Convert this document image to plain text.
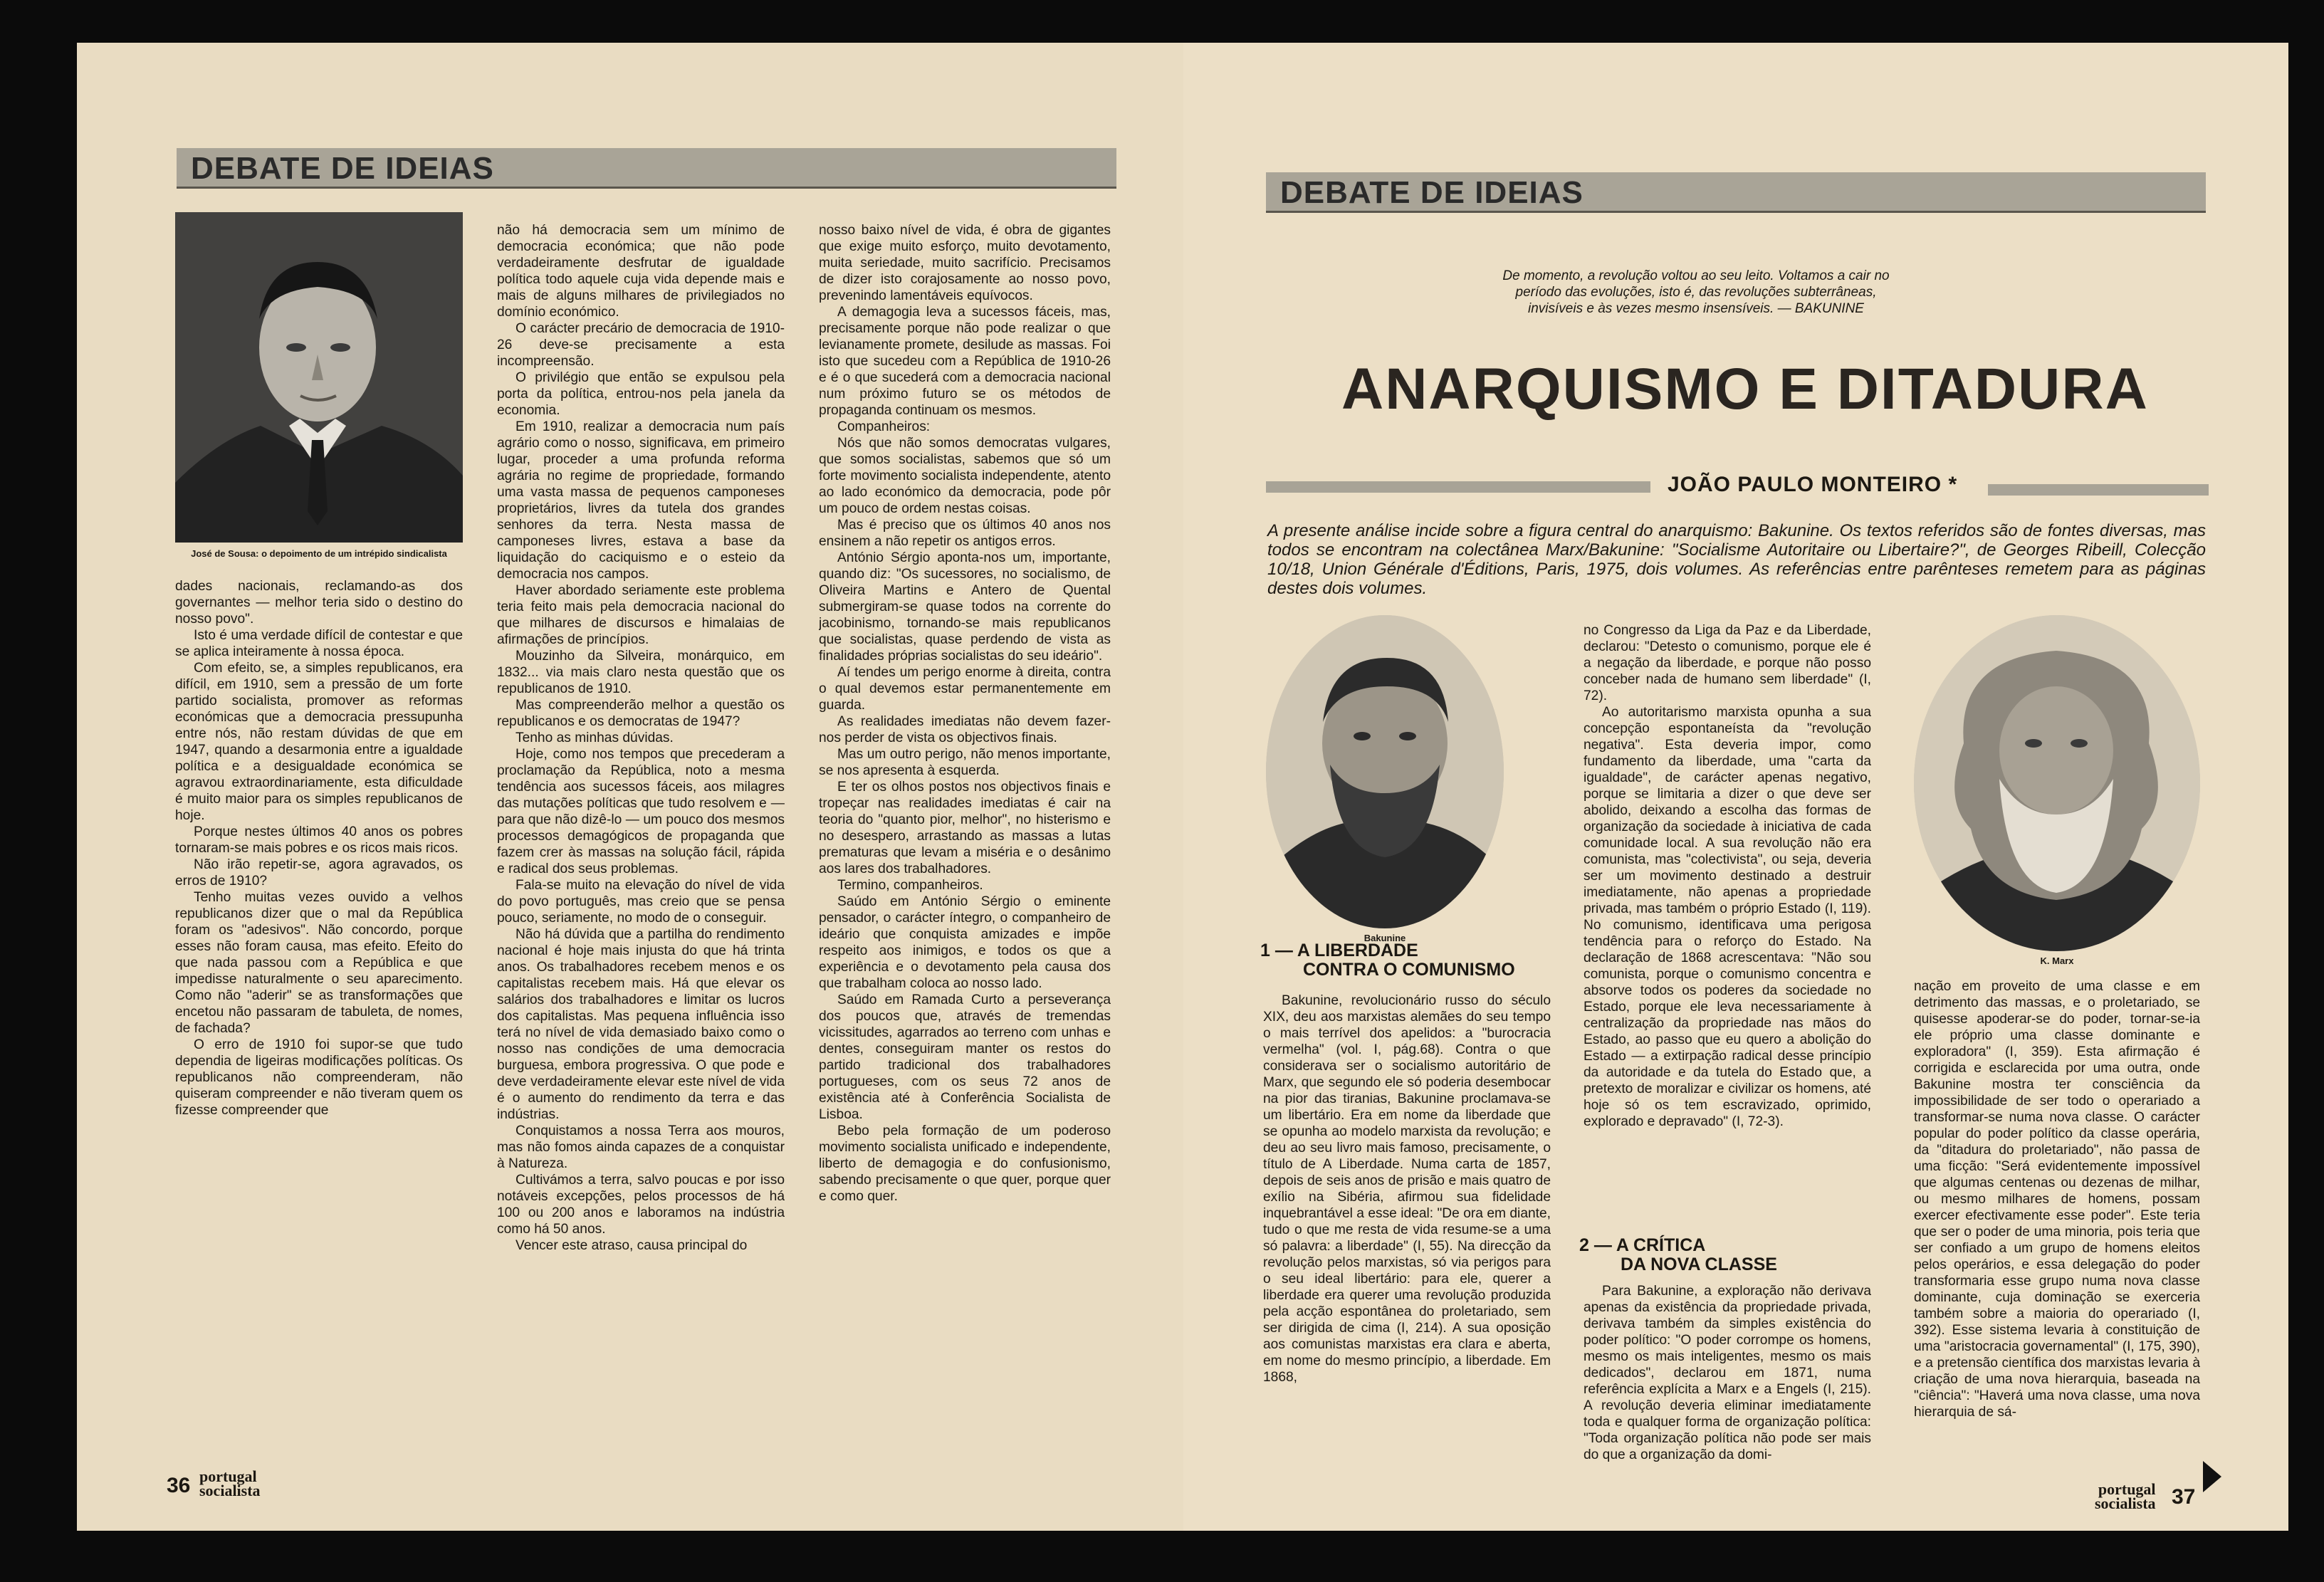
DEBATE DE IDEIAS
José de Sousa: o depoimento de um intrépido sindicalista

dades nacionais, reclamando-as dos governantes — melhor teria sido o destino do nosso povo".

Isto é uma verdade difícil de contestar e que se aplica inteiramente à nossa época.

Com efeito, se, a simples republicanos, era difícil, em 1910, sem a pressão de um forte partido socialista, promover as reformas económicas que a democracia pressupunha entre nós, não restam dúvidas de que em 1947, quando a desarmonia entre a igualdade política e a desigualdade económica se agravou extraordinariamente, esta dificuldade é muito maior para os simples republicanos de hoje.

Porque nestes últimos 40 anos os pobres tornaram-se mais pobres e os ricos mais ricos.

Não irão repetir-se, agora agravados, os erros de 1910?

Tenho muitas vezes ouvido a velhos republicanos dizer que o mal da República foram os "adesivos". Não concordo, porque esses não foram causa, mas efeito. Efeito do que nada passou com a República e que impedisse naturalmente o seu aparecimento. Como não "aderir" se as transformações que encetou não passaram de tabuleta, de nomes, de fachada?

O erro de 1910 foi supor-se que tudo dependia de ligeiras modificações políticas. Os republicanos não compreenderam, não quiseram compreender e não tiveram quem os fizesse compreender que

não há democracia sem um mínimo de democracia económica; que não pode verdadeiramente desfrutar de igualdade política todo aquele cuja vida depende mais e mais de alguns milhares de privilegiados no domínio económico.

O carácter precário de democracia de 1910-26 deve-se precisamente a esta incompreensão.

O privilégio que então se expulsou pela porta da política, entrou-nos pela janela da economia.

Em 1910, realizar a democracia num país agrário como o nosso, significava, em primeiro lugar, proceder a uma profunda reforma agrária no regime de propriedade, formando uma vasta massa de pequenos camponeses proprietários, livres da tutela dos grandes senhores da terra. Nesta massa de camponeses livres, estava a base da liquidação do caciquismo e o esteio da democracia nos campos.

Haver abordado seriamente este problema teria feito mais pela democracia nacional do que milhares de discursos e himalaias de afirmações de princípios.

Mouzinho da Silveira, monárquico, em 1832... via mais claro nesta questão que os republicanos de 1910.

Mas compreenderão melhor a questão os republicanos e os democratas de 1947?

Tenho as minhas dúvidas.

Hoje, como nos tempos que precederam a proclamação da República, noto a mesma tendência aos sucessos fáceis, aos milagres das mutações políticas que tudo resolvem e — para que não dizê-lo — um pouco dos mesmos processos demagógicos de propaganda que fazem crer às massas na solução fácil, rápida e radical dos seus problemas.

Fala-se muito na elevação do nível de vida do povo português, mas creio que se pensa pouco, seriamente, no modo de o conseguir.

Não há dúvida que a partilha do rendimento nacional é hoje mais injusta do que há trinta anos. Os trabalhadores recebem menos e os capitalistas recebem mais. Há que elevar os salários dos trabalhadores e limitar os lucros dos capitalistas. Mas pequena influência isso terá no nível de vida demasiado baixo como o nosso nas condições de uma democracia burguesa, embora progressiva. O que pode e deve verdadeiramente elevar este nível de vida é o aumento do rendimento da terra e das indústrias.

Conquistamos a nossa Terra aos mouros, mas não fomos ainda capazes de a conquistar à Natureza.

Cultivámos a terra, salvo poucas e por isso notáveis excepções, pelos processos de há 100 ou 200 anos e laboramos na indústria como há 50 anos.

Vencer este atraso, causa principal do

nosso baixo nível de vida, é obra de gigantes que exige muito esforço, muito devotamento, muita seriedade, muito sacrifício. Precisamos de dizer isto corajosamente ao nosso povo, prevenindo lamentáveis equívocos.

A demagogia leva a sucessos fáceis, mas, precisamente porque não pode realizar o que levianamente promete, desilude as massas. Foi isto que sucedeu com a República de 1910-26 e é o que sucederá com a democracia nacional num próximo futuro se os métodos de propaganda continuam os mesmos.

Companheiros:

Nós que não somos democratas vulgares, que somos socialistas, sabemos que só um forte movimento socialista independente, atento ao lado económico da democracia, pode pôr um pouco de ordem nestas coisas.

Mas é preciso que os últimos 40 anos nos ensinem a não repetir os antigos erros.

António Sérgio aponta-nos um, importante, quando diz: "Os sucessores, no socialismo, de Oliveira Martins e Antero de Quental submergiram-se quase todos na corrente do jacobinismo, tornando-se mais republicanos que socialistas, quase perdendo de vista as finalidades próprias socialistas do seu ideário".

Aí tendes um perigo enorme à direita, contra o qual devemos estar permanentemente em guarda.

As realidades imediatas não devem fazer-nos perder de vista os objectivos finais.

Mas um outro perigo, não menos importante, se nos apresenta à esquerda.

E ter os olhos postos nos objectivos finais e tropeçar nas realidades imediatas é cair na teoria do "quanto pior, melhor", no histerismo e no desespero, arrastando as massas a lutas prematuras que levam a miséria e o desânimo aos lares dos trabalhadores.

Termino, companheiros.

Saúdo em António Sérgio o eminente pensador, o carácter íntegro, o companheiro de ideário que conquista amizades e impõe respeito aos inimigos, e todos os que a experiência e o devotamento pela causa dos que trabalham coloca ao nosso lado.

Saúdo em Ramada Curto a perseverança dos poucos que, através de tremendas vicissitudes, agarrados ao terreno com unhas e dentes, conseguiram manter os restos do partido tradicional dos trabalhadores portugueses, com os seus 72 anos de existência até à Conferência Socialista de Lisboa.

Bebo pela formação de um poderoso movimento socialista unificado e independente, liberto de demagogia e do confusionismo, sabendo precisamente o que quer, porque quer e como quer.

36 portugal
socialista
DEBATE DE IDEIAS
De momento, a revolução voltou ao seu leito. Voltamos a cair no período das evoluções, isto é, das revoluções subterrâneas, invisíveis e às vezes mesmo insensíveis. — BAKUNINE
ANARQUISMO E DITADURA
JOÃO PAULO MONTEIRO *
A presente análise incide sobre a figura central do anarquismo: Bakunine. Os textos referidos são de fontes diversas, mas todos se encontram na colectânea Marx/Bakunine: "Socialisme Autoritaire ou Libertaire?", de Georges Ribeill, Colecção 10/18, Union Générale d'Éditions, Paris, 1975, dois volumes. As referências entre parênteses remetem para as páginas destes dois volumes.
Bakunine
K. Marx
1 — A LIBERDADE
CONTRA O COMUNISMO

Bakunine, revolucionário russo do século XIX, deu aos marxistas alemães do seu tempo o mais terrível dos apelidos: a "burocracia vermelha" (vol. I, pág.68). Contra o que considerava ser o socialismo autoritário de Marx, que segundo ele só poderia desembocar na pior das tiranias, Bakunine proclamava-se um libertário. Era em nome da liberdade que se opunha ao modelo marxista da revolução; e deu ao seu livro mais famoso, precisamente, o título de A Liberdade. Numa carta de 1857, depois de seis anos de prisão e mais quatro de exílio na Sibéria, afirmou sua fidelidade inquebrantável a esse ideal: "De ora em diante, tudo o que me resta de vida resume-se a uma só palavra: a liberdade" (I, 55). Na direcção da revolução pelos marxistas, só via perigos para o seu ideal libertário: para ele, querer a liberdade era querer uma revolução produzida pela acção espontânea do proletariado, sem ser dirigida de cima (I, 214). A sua oposição aos comunistas marxistas era clara e aberta, em nome do mesmo princípio, a liberdade. Em 1868,

no Congresso da Liga da Paz e da Liberdade, declarou: "Detesto o comunismo, porque ele é a negação da liberdade, e porque não posso conceber nada de humano sem liberdade" (I, 72).

Ao autoritarismo marxista opunha a sua concepção espontaneísta da "revolução negativa". Esta deveria impor, como fundamento da liberdade, uma "carta da igualdade", de carácter apenas negativo, porque se limitaria a dizer o que deve ser abolido, deixando a escolha das formas de organização da sociedade à iniciativa de cada comunidade local. A sua revolução não era comunista, mas "colectivista", ou seja, deveria ser um movimento destinado a destruir imediatamente, não apenas a propriedade privada, mas também o próprio Estado (I, 119). No comunismo, identificava uma perigosa tendência para o reforço do Estado. Na declaração de 1868 acrescentava: "Não sou comunista, porque o comunismo concentra e absorve todos os poderes da sociedade no Estado, porque ele leva necessariamente à centralização da propriedade nas mãos do Estado, ao passo que eu quero a abolição do Estado — a extirpação radical desse princípio da autoridade e da tutela do Estado que, a pretexto de moralizar e civilizar os homens, até hoje só os tem escravizado, oprimido, explorado e depravado" (I, 72-3).

2 — A CRÍTICA
DA NOVA CLASSE

Para Bakunine, a exploração não derivava apenas da existência da propriedade privada, derivava também da simples existência do poder político: "O poder corrompe os homens, mesmo os mais inteligentes, mesmo os mais dedicados", declarou em 1871, numa referência explícita a Marx e a Engels (I, 215). A revolução deveria eliminar imediatamente toda e qualquer forma de organização política: "Toda organização política não pode ser mais do que a organização da domi-

nação em proveito de uma classe e em detrimento das massas, e o proletariado, se quisesse apoderar-se do poder, tornar-se-ia ele próprio uma classe dominante e exploradora" (I, 359). Esta afirmação é corrigida e esclarecida por uma outra, onde Bakunine mostra ter consciência da impossibilidade de ser todo o operariado a transformar-se numa nova classe. O carácter popular do poder político da classe operária, da "ditadura do proletariado", não passa de uma ficção: "Será evidentemente impossível que algumas centenas ou dezenas de milhar, ou mesmo milhares de homens, possam exercer efectivamente esse poder". Este teria que ser o poder de uma minoria, pois teria que ser confiado a um grupo de homens eleitos pelos operários, e essa delegação do poder transformaria esse grupo numa nova classe dominante, cuja dominação se exerceria também sobre a maioria do operariado (I, 392). Esse sistema levaria à constituição de uma "aristocracia governamental" (I, 175, 390), e a pretensão científica dos marxistas levaria à criação de uma nova hierarquia, baseada na "ciência": "Haverá uma nova classe, uma nova hierarquia de sá-

portugal
socialista 37
